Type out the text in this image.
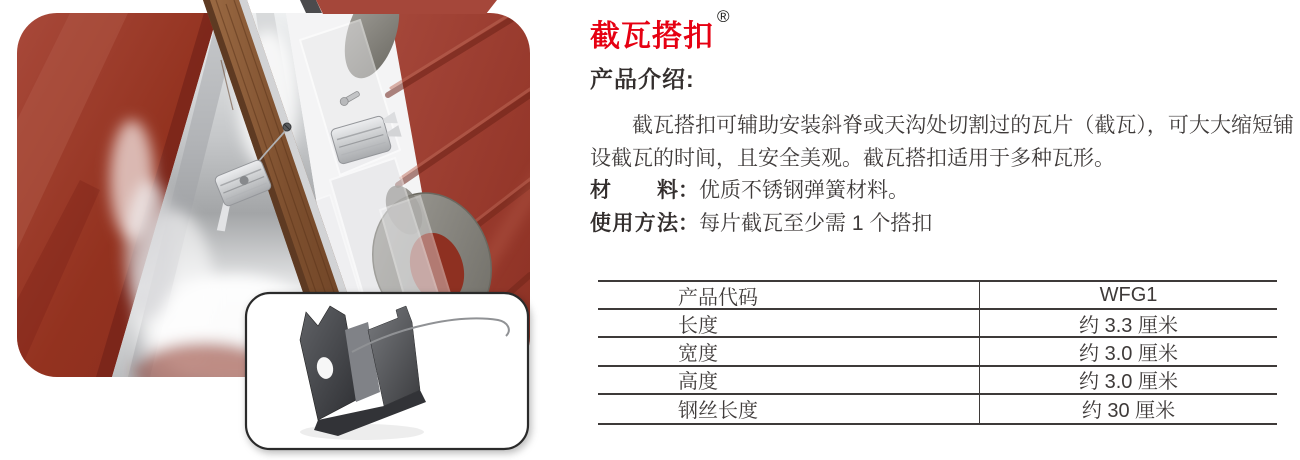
截瓦搭扣®
产品介绍:

截瓦搭扣可辅助安装斜脊或天沟处切割过的瓦片（截瓦），可大大缩短铺设截瓦的时间，且安全美观。截瓦搭扣适用于多种瓦形。

材料：优质不锈钢弹簧材料。

使用方法：每片截瓦至少需 1 个搭扣

产品代码	WFG1
长度	约 3.3 厘米
宽度	约 3.0 厘米
高度	约 3.0 厘米
钢丝长度	约 30 厘米
